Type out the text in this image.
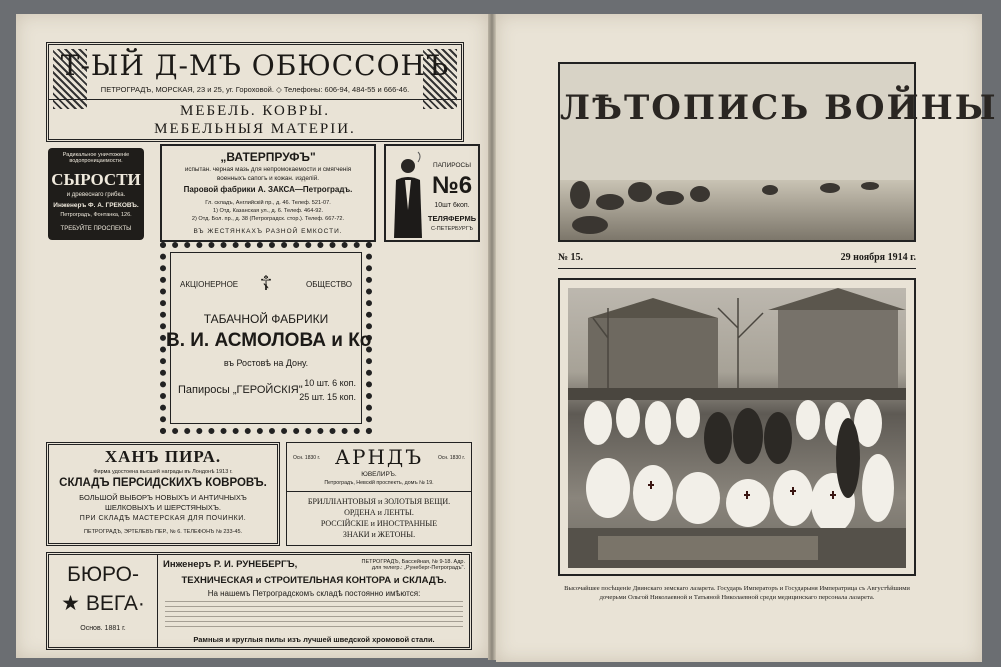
Т-ЫЙ Д-МЪ ОБЮССОНЪ
ПЕТРОГРАДЪ, МОРСКАЯ, 23 и 25, уг. Гороховой. ◇ Телефоны: 606-94, 484-55 и 666-46.
МЕБЕЛЬ. КОВРЫ.
МЕБЕЛЬНЫЯ МАТЕРІИ.
Радикальное уничтоженіе водопроницаемости.
СЫРОСТИ
и древеснаго грибка.
Инженеръ Ф. А. ГРЕКОВЪ.
Петроградъ, Фонтанка, 126.
ТРЕБУЙТЕ ПРОСПЕКТЫ
„ВАТЕРПРУФЪ"
испытан. черная мазь для непромокаемости и смягченія
военныхъ сапогъ и кожан. изделій.
Паровой фабрики А. ЗАКСА—Петроградъ.
Гл. складъ, Английскій пр., д. 46. Телеф. 521-07.
1) Отд. Казанская ул., д. 6. Телеф. 464-92.
2) Отд. Бол. пр., д. 38 (Петроградск. стор.). Телеф. 667-72.
ВЪ ЖЕСТЯНКАХЪ РАЗНОЙ ЕМКОСТИ.
ПАПИРОСЫ
№6
10шт 6коп.
ТЕЛЯФЕРМЬ
С-ПЕТЕРБУРГЪ
АКЦІОНЕРНОЕ ☦	ОБЩЕСТВО
ТАБАЧНОЙ ФАБРИКИ
В. И. АСМОЛОВА и Ко
въ Ростовѣ на Дону.
Папиросы „ГЕРОЙСКІЯ"
10 шт. 6 коп.
25 шт. 15 коп.
ХАНЪ ПИРА.
Фирма удостоена высшей награды въ Лондонѣ 1913 г.
СКЛАДЪ ПЕРСИДСКИХЪ КОВРОВЪ.
БОЛЬШОЙ ВЫБОРЪ НОВЫХЪ И АНТИЧНЫХЪ
ШЕЛКОВЫХЪ И ШЕРСТЯНЫХЪ.
ПРИ СКЛАДѢ МАСТЕРСКАЯ ДЛЯ ПОЧИНКИ.
ПЕТРОГРАДЪ, ЭРТЕЛЕВЪ ПЕР., № 6. ТЕЛЕФОНЪ № 233-45.
Осн. 1830 г. АРНДЪ	Осн. 1830 г.
ЮВЕЛИРЪ.
Петроградъ, Невскій проспектъ, домъ № 19.
БРИЛЛІАНТОВЫЯ и ЗОЛОТЫЯ ВЕЩИ.
ОРДЕНА и ЛЕНТЫ.
РОССІЙСКІЕ и ИНОСТРАННЫЕ
ЗНАКИ и ЖЕТОНЫ.
БЮРО-
★ ВЕГА·
Основ. 1881 г.
Инженеръ Р. И. РУНЕБЕРГЪ,	ПЕТРОГРАДЪ, Бассейная, № 9-18. Адр. для телегр.: „Рунеберг-Петроградъ".
ТЕХНИЧЕСКАЯ и СТРОИТЕЛЬНАЯ КОНТОРА и СКЛАДЪ.
На нашемъ Петроградскомъ складѣ постоянно имѣются:
Рамныя и круглыя пилы изъ лучшей шведской хромовой стали.
ЛѢТОПИСЬ ВОЙНЫ
№ 15.	29 ноября 1914 г.
Высочайшее посѣщеніе Двинскаго земскаго лазарета. Государь Императоръ и Государыня Императрица съ Августѣйшими дочерьми Ольгой Николаевной и Татьяной Николаевной среди медицинскаго персонала лазарета.
